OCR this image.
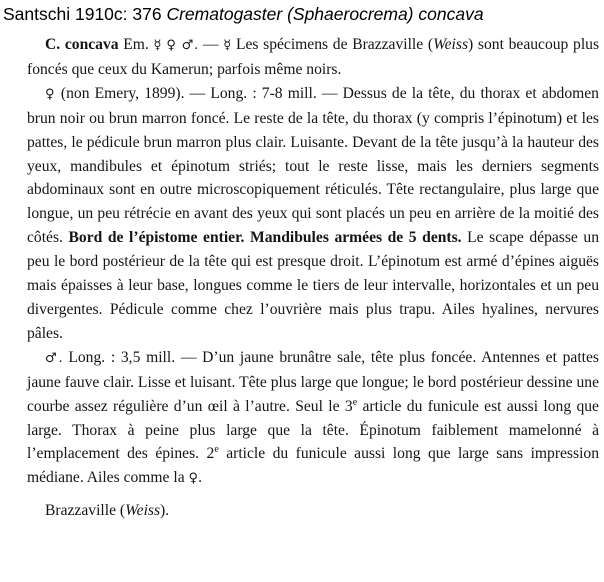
Santschi 1910c: 376 Crematogaster (Sphaerocrema) concava

C. concava Em. ☿ ♀ ♂. — ☿ Les spécimens de Brazzaville (Weiss) sont beaucoup plus foncés que ceux du Kamerun; parfois même noirs.

♀ (non Emery, 1899). — Long. : 7-8 mill. — Dessus de la tête, du thorax et abdomen brun noir ou brun marron foncé. Le reste de la tête, du thorax (y compris l’épinotum) et les pattes, le pédicule brun marron plus clair. Luisante. Devant de la tête jusqu’à la hauteur des yeux, mandibules et épinotum striés; tout le reste lisse, mais les derniers segments abdominaux sont en outre microscopiquement réticulés. Tête rectangulaire, plus large que longue, un peu rétrécie en avant des yeux qui sont placés un peu en arrière de la moitié des côtés. Bord de l’épistome entier. Mandibules armées de 5 dents. Le scape dépasse un peu le bord postérieur de la tête qui est presque droit. L’épinotum est armé d’épines aiguës mais épaisses à leur base, longues comme le tiers de leur intervalle, horizontales et un peu divergentes. Pédicule comme chez l’ouvrière mais plus trapu. Ailes hyalines, nervures pâles.

♂. Long. : 3,5 mill. — D’un jaune brunâtre sale, tête plus foncée. Antennes et pattes jaune fauve clair. Lisse et luisant. Tête plus large que longue; le bord postérieur dessine une courbe assez régulière d’un œil à l’autre. Seul le 3e article du funicule est aussi long que large. Thorax à peine plus large que la tête. Épinotum faiblement mamelonné à l’emplacement des épines. 2e article du funicule aussi long que large sans impression médiane. Ailes comme la ♀.

Brazzaville (Weiss).
